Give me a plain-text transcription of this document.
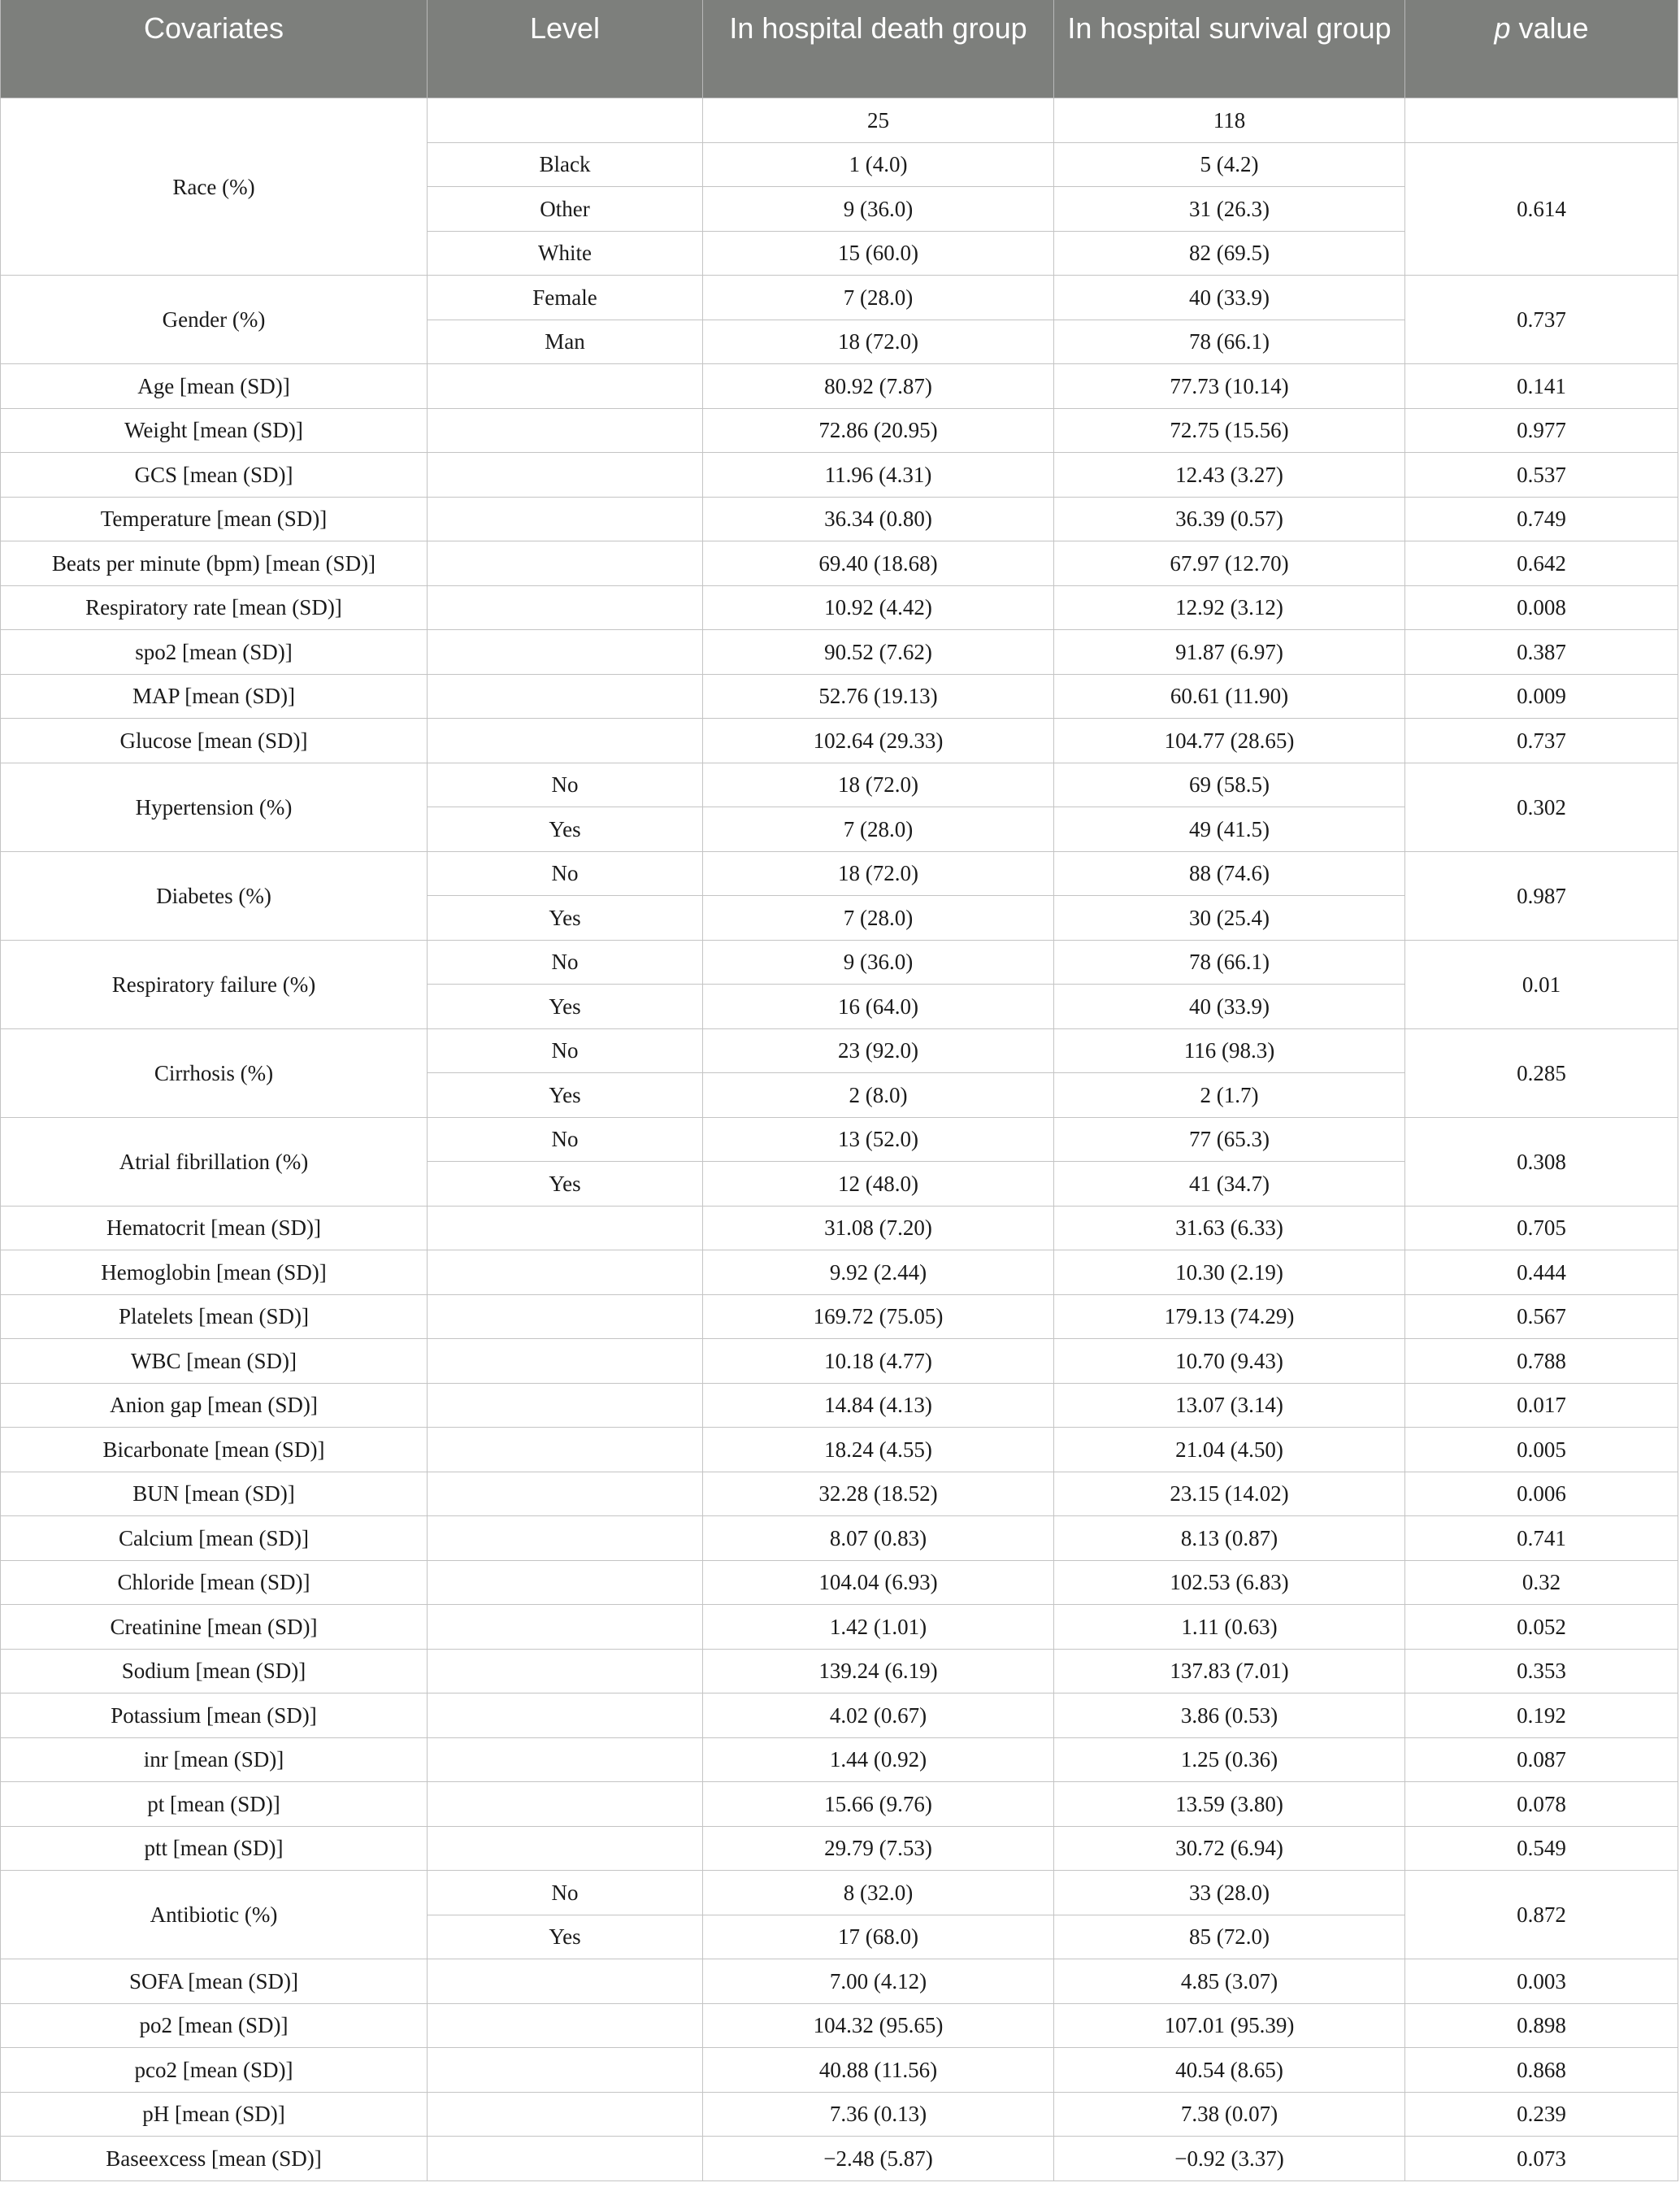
Covariates	Level	In hospital death group	In hospital survival group	p value
Race (%)		25	118	
	Black	1 (4.0)	5 (4.2)	0.614
	Other	9 (36.0)	31 (26.3)	
	White	15 (60.0)	82 (69.5)	
Gender (%)	Female	7 (28.0)	40 (33.9)	0.737
	Man	18 (72.0)	78 (66.1)	
Age [mean (SD)]		80.92 (7.87)	77.73 (10.14)	0.141
Weight [mean (SD)]		72.86 (20.95)	72.75 (15.56)	0.977
GCS [mean (SD)]		11.96 (4.31)	12.43 (3.27)	0.537
Temperature [mean (SD)]		36.34 (0.80)	36.39 (0.57)	0.749
Beats per minute (bpm) [mean (SD)]		69.40 (18.68)	67.97 (12.70)	0.642
Respiratory rate [mean (SD)]		10.92 (4.42)	12.92 (3.12)	0.008
spo2 [mean (SD)]		90.52 (7.62)	91.87 (6.97)	0.387
MAP [mean (SD)]		52.76 (19.13)	60.61 (11.90)	0.009
Glucose [mean (SD)]		102.64 (29.33)	104.77 (28.65)	0.737
Hypertension (%)	No	18 (72.0)	69 (58.5)	0.302
	Yes	7 (28.0)	49 (41.5)	
Diabetes (%)	No	18 (72.0)	88 (74.6)	0.987
	Yes	7 (28.0)	30 (25.4)	
Respiratory failure (%)	No	9 (36.0)	78 (66.1)	0.01
	Yes	16 (64.0)	40 (33.9)	
Cirrhosis (%)	No	23 (92.0)	116 (98.3)	0.285
	Yes	2 (8.0)	2 (1.7)	
Atrial fibrillation (%)	No	13 (52.0)	77 (65.3)	0.308
	Yes	12 (48.0)	41 (34.7)	
Hematocrit [mean (SD)]		31.08 (7.20)	31.63 (6.33)	0.705
Hemoglobin [mean (SD)]		9.92 (2.44)	10.30 (2.19)	0.444
Platelets [mean (SD)]		169.72 (75.05)	179.13 (74.29)	0.567
WBC [mean (SD)]		10.18 (4.77)	10.70 (9.43)	0.788
Anion gap [mean (SD)]		14.84 (4.13)	13.07 (3.14)	0.017
Bicarbonate [mean (SD)]		18.24 (4.55)	21.04 (4.50)	0.005
BUN [mean (SD)]		32.28 (18.52)	23.15 (14.02)	0.006
Calcium [mean (SD)]		8.07 (0.83)	8.13 (0.87)	0.741
Chloride [mean (SD)]		104.04 (6.93)	102.53 (6.83)	0.32
Creatinine [mean (SD)]		1.42 (1.01)	1.11 (0.63)	0.052
Sodium [mean (SD)]		139.24 (6.19)	137.83 (7.01)	0.353
Potassium [mean (SD)]		4.02 (0.67)	3.86 (0.53)	0.192
inr [mean (SD)]		1.44 (0.92)	1.25 (0.36)	0.087
pt [mean (SD)]		15.66 (9.76)	13.59 (3.80)	0.078
ptt [mean (SD)]		29.79 (7.53)	30.72 (6.94)	0.549
Antibiotic (%)	No	8 (32.0)	33 (28.0)	0.872
	Yes	17 (68.0)	85 (72.0)	
SOFA [mean (SD)]		7.00 (4.12)	4.85 (3.07)	0.003
po2 [mean (SD)]		104.32 (95.65)	107.01 (95.39)	0.898
pco2 [mean (SD)]		40.88 (11.56)	40.54 (8.65)	0.868
pH [mean (SD)]		7.36 (0.13)	7.38 (0.07)	0.239
Baseexcess [mean (SD)]		−2.48 (5.87)	−0.92 (3.37)	0.073
